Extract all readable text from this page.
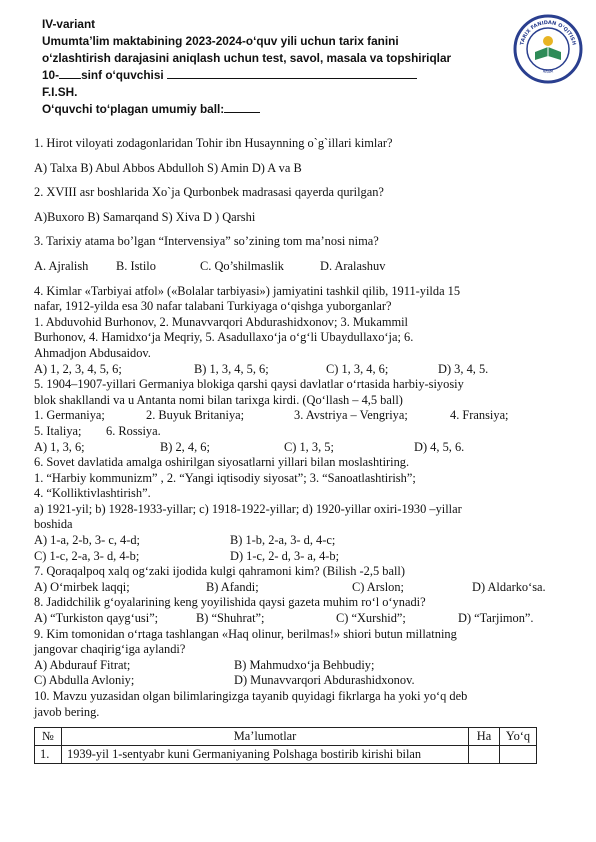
IV-variant
Umumta’lim maktabining 2023-2024-o‘quv yili uchun tarix fanini
o‘zlashtirish darajasini aniqlash uchun test, savol, masala va topshiriqlar
10- sinf o‘quvchisi
F.I.SH.
O‘quvchi to‘plagan umumiy ball:
TARIX FANIDAN O‘QITISH
RASM

1. Hirot viloyati zodagonlaridan Tohir ibn Husaynning o`g`illari kimlar?

A) Talxa B) Abul Abbos Abdulloh S) Amin D) A va B

2. XVIII asr boshlarida Xo`ja Qurbonbek madrasasi qayerda qurilgan?

A)Buxoro B) Samarqand S) Xiva D ) Qarshi

3. Tarixiy atama bo’lgan “Intervensiya” so’zining tom ma’nosi nima?

A. Ajralish	B. Istilo	C. Qo’shilmaslik	D. Aralashuv

4. Kimlar «Tarbiyai atfol» («Bolalar tarbiyasi») jamiyatini tashkil qilib, 1911-yilda 15

nafar, 1912-yilda esa 30 nafar talabani Turkiyaga o‘qishga yuborganlar?

1. Abduvohid Burhonov, 2. Munavvarqori Abdurashidxonov; 3. Mukammil

Burhonov, 4. Hamidxo‘ja Meqriy, 5. Asadullaxo‘ja o‘g‘li Ubaydullaxo‘ja; 6.

Ahmadjon Abdusaidov.

A) 1, 2, 3, 4, 5, 6;	B) 1, 3, 4, 5, 6;	C) 1, 3, 4, 6;	D) 3, 4, 5.

5. 1904–1907-yillari Germaniya blokiga qarshi qaysi davlatlar o‘rtasida harbiy-siyosiy

blok shakllandi va u Antanta nomi bilan tarixga kirdi. (Qo‘llash – 4,5 ball)

1. Germaniya;	2. Buyuk Britaniya;	3. Avstriya – Vengriya;	4. Fransiya;
5. Italiya;	6. Rossiya.
A) 1, 3, 6;	B) 2, 4, 6;	C) 1, 3, 5;	D) 4, 5, 6.

6. Sovet davlatida amalga oshirilgan siyosatlarni yillari bilan moslashtiring.

1. “Harbiy kommunizm” , 2. “Yangi iqtisodiy siyosat”; 3. “Sanoatlashtirish”;

4. “Kolliktivlashtirish”.

a) 1921-yil; b) 1928-1933-yillar; c) 1918-1922-yillar; d) 1920-yillar oxiri-1930 –yillar

boshida

A) 1-a, 2-b, 3- c, 4-d;	B) 1-b, 2-a, 3- d, 4-c;
C) 1-c, 2-a, 3- d, 4-b;	D) 1-c, 2- d, 3- a, 4-b;

7. Qoraqalpoq xalq og‘zaki ijodida kulgi qahramoni kim? (Bilish -2,5 ball)

A) O‘mirbek laqqi;	B) Afandi;	C) Arslon;	D) Aldarko‘sa.

8. Jadidchilik g‘oyalarining keng yoyilishida qaysi gazeta muhim ro‘l o‘ynadi?

A) “Turkiston qayg‘usi”;	B) “Shuhrat”;	C) “Xurshid”;	D) “Tarjimon”.

9. Kim tomonidan o‘rtaga tashlangan «Haq olinur, berilmas!» shiori butun millatning

jangovar chaqirig‘iga aylandi?

A) Abdurauf Fitrat;	B) Mahmudxo‘ja Behbudiy;
C) Abdulla Avloniy;	D) Munavvarqori Abdurashidxonov.

10. Mavzu yuzasidan olgan bilimlaringizga tayanib quyidagi fikrlarga ha yoki yo‘q deb

javob bering.

№	Ma’lumotlar	Ha	Yo‘q
1.	1939-yil 1-sentyabr kuni Germaniyaning Polshaga bostirib kirishi bilan		
